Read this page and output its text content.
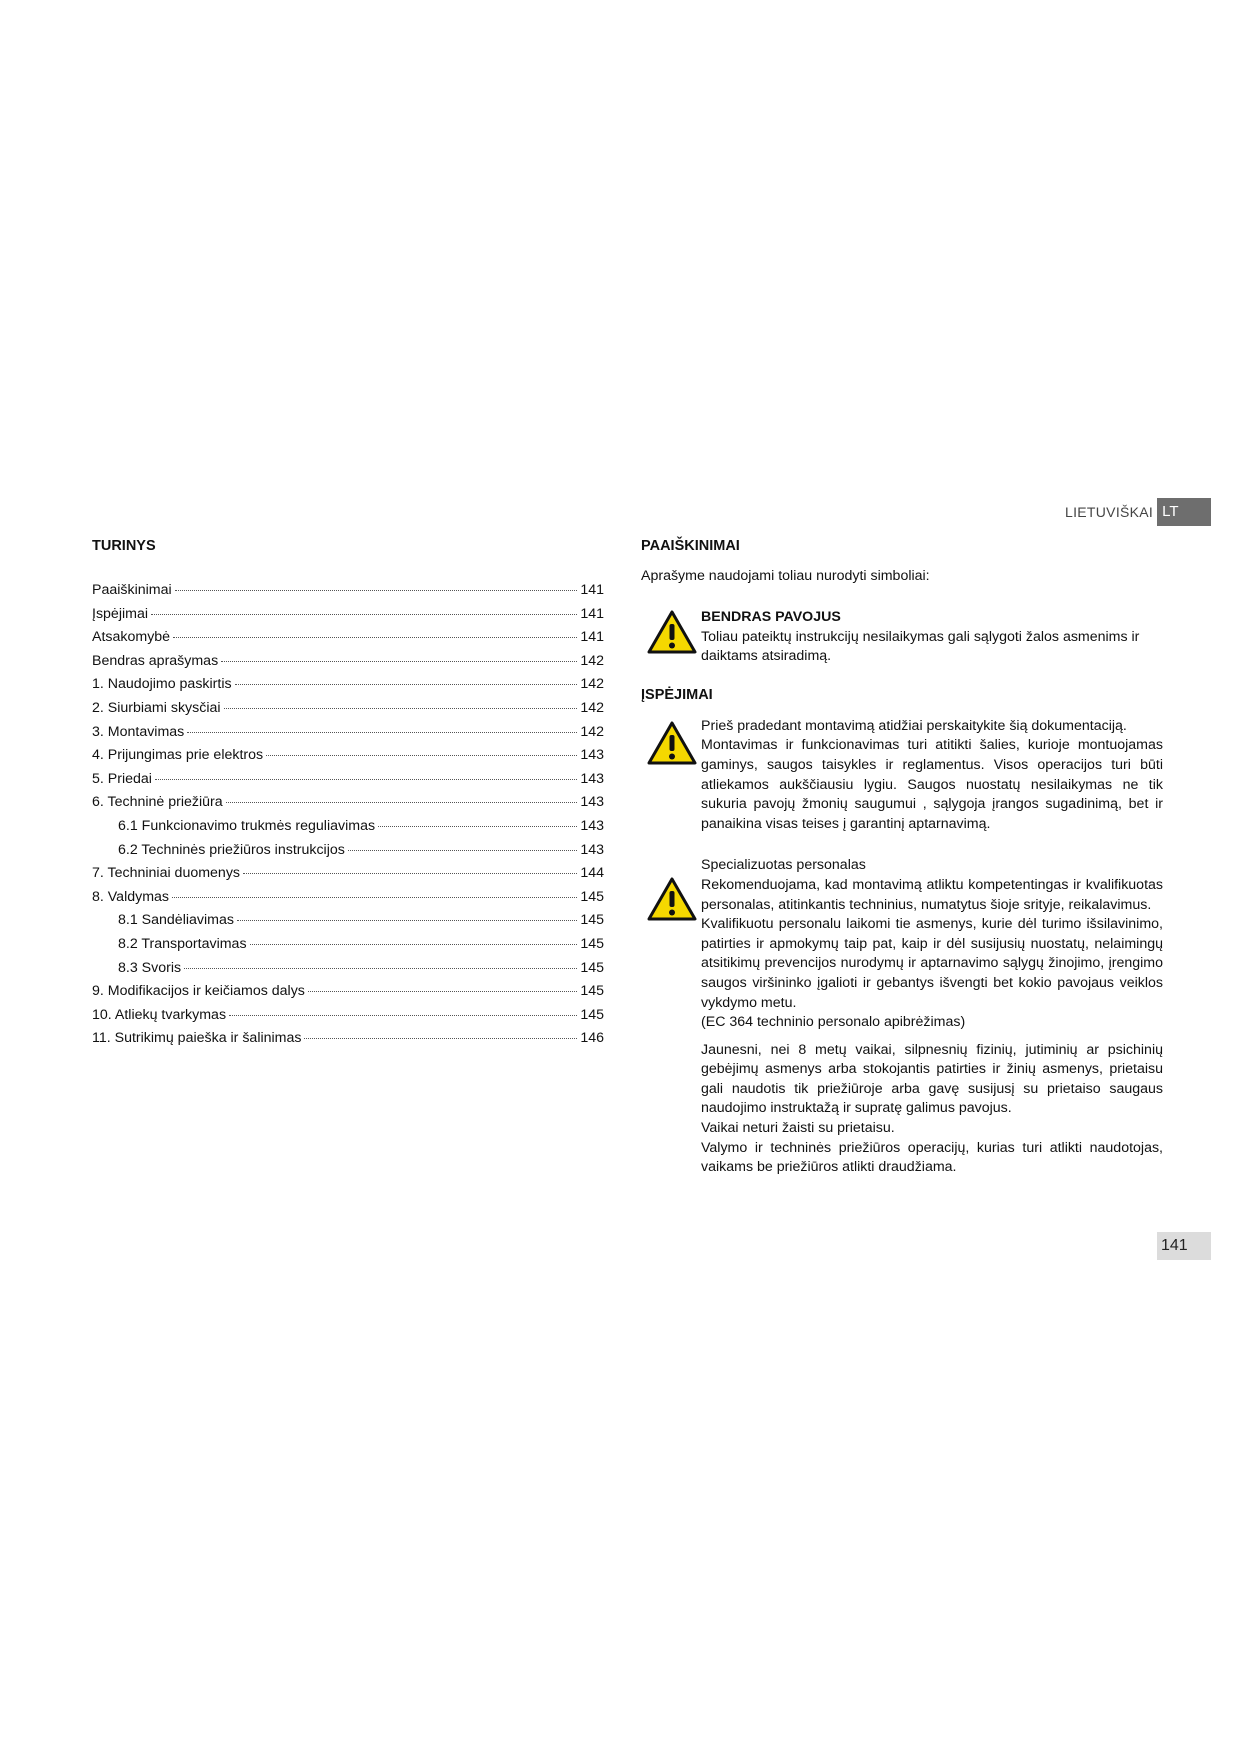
LIETUVIŠKAI LT
TURINYS
Paaiškinimai	141
Įspėjimai	141
Atsakomybė	141
Bendras aprašymas	142
1. Naudojimo paskirtis	142
2. Siurbiami skysčiai	142
3. Montavimas	142
4. Prijungimas prie elektros	143
5. Priedai	143
6. Techninė priežiūra	143
6.1 Funkcionavimo trukmės reguliavimas	143
6.2 Techninės priežiūros instrukcijos	143
7. Techniniai duomenys	144
8. Valdymas	145
8.1 Sandėliavimas	145
8.2 Transportavimas	145
8.3 Svoris	145
9. Modifikacijos ir keičiamos dalys	145
10. Atliekų tvarkymas	145
11. Sutrikimų paieška ir šalinimas	146
PAAIŠKINIMAI
Aprašyme naudojami toliau nurodyti simboliai:
BENDRAS PAVOJUS
Toliau pateiktų instrukcijų nesilaikymas gali sąlygoti žalos asmenims ir daiktams atsiradimą.
ĮSPĖJIMAI
Prieš pradedant montavimą atidžiai perskaitykite šią dokumentaciją.
Montavimas ir funkcionavimas turi atitikti šalies, kurioje montuojamas gaminys, saugos taisykles ir reglamentus. Visos operacijos turi būti atliekamos aukščiausiu lygiu. Saugos nuostatų nesilaikymas ne tik sukuria pavojų žmonių saugumui , sąlygoja įrangos sugadinimą, bet ir panaikina visas teises į garantinį aptarnavimą.
Specializuotas personalas
Rekomenduojama, kad montavimą atliktu kompetentingas ir kvalifikuotas personalas, atitinkantis techninius, numatytus šioje srityje, reikalavimus.
Kvalifikuotu personalu laikomi tie asmenys, kurie dėl turimo išsilavinimo, patirties ir apmokymų taip pat, kaip ir dėl susijusių nuostatų, nelaimingų atsitikimų prevencijos nurodymų ir aptarnavimo sąlygų žinojimo, įrengimo saugos viršininko įgalioti ir gebantys išvengti bet kokio pavojaus veiklos vykdymo metu.
(EC 364 techninio personalo apibrėžimas)
Jaunesni, nei 8 metų vaikai, silpnesnių fizinių, jutiminių ar psichinių gebėjimų asmenys arba stokojantis patirties ir žinių asmenys, prietaisu gali naudotis tik priežiūroje arba gavę susijusį su prietaiso saugaus naudojimo instruktažą ir supratę galimus pavojus.
Vaikai neturi žaisti su prietaisu.
Valymo ir techninės priežiūros operacijų, kurias turi atlikti naudotojas, vaikams be priežiūros atlikti draudžiama.
141
